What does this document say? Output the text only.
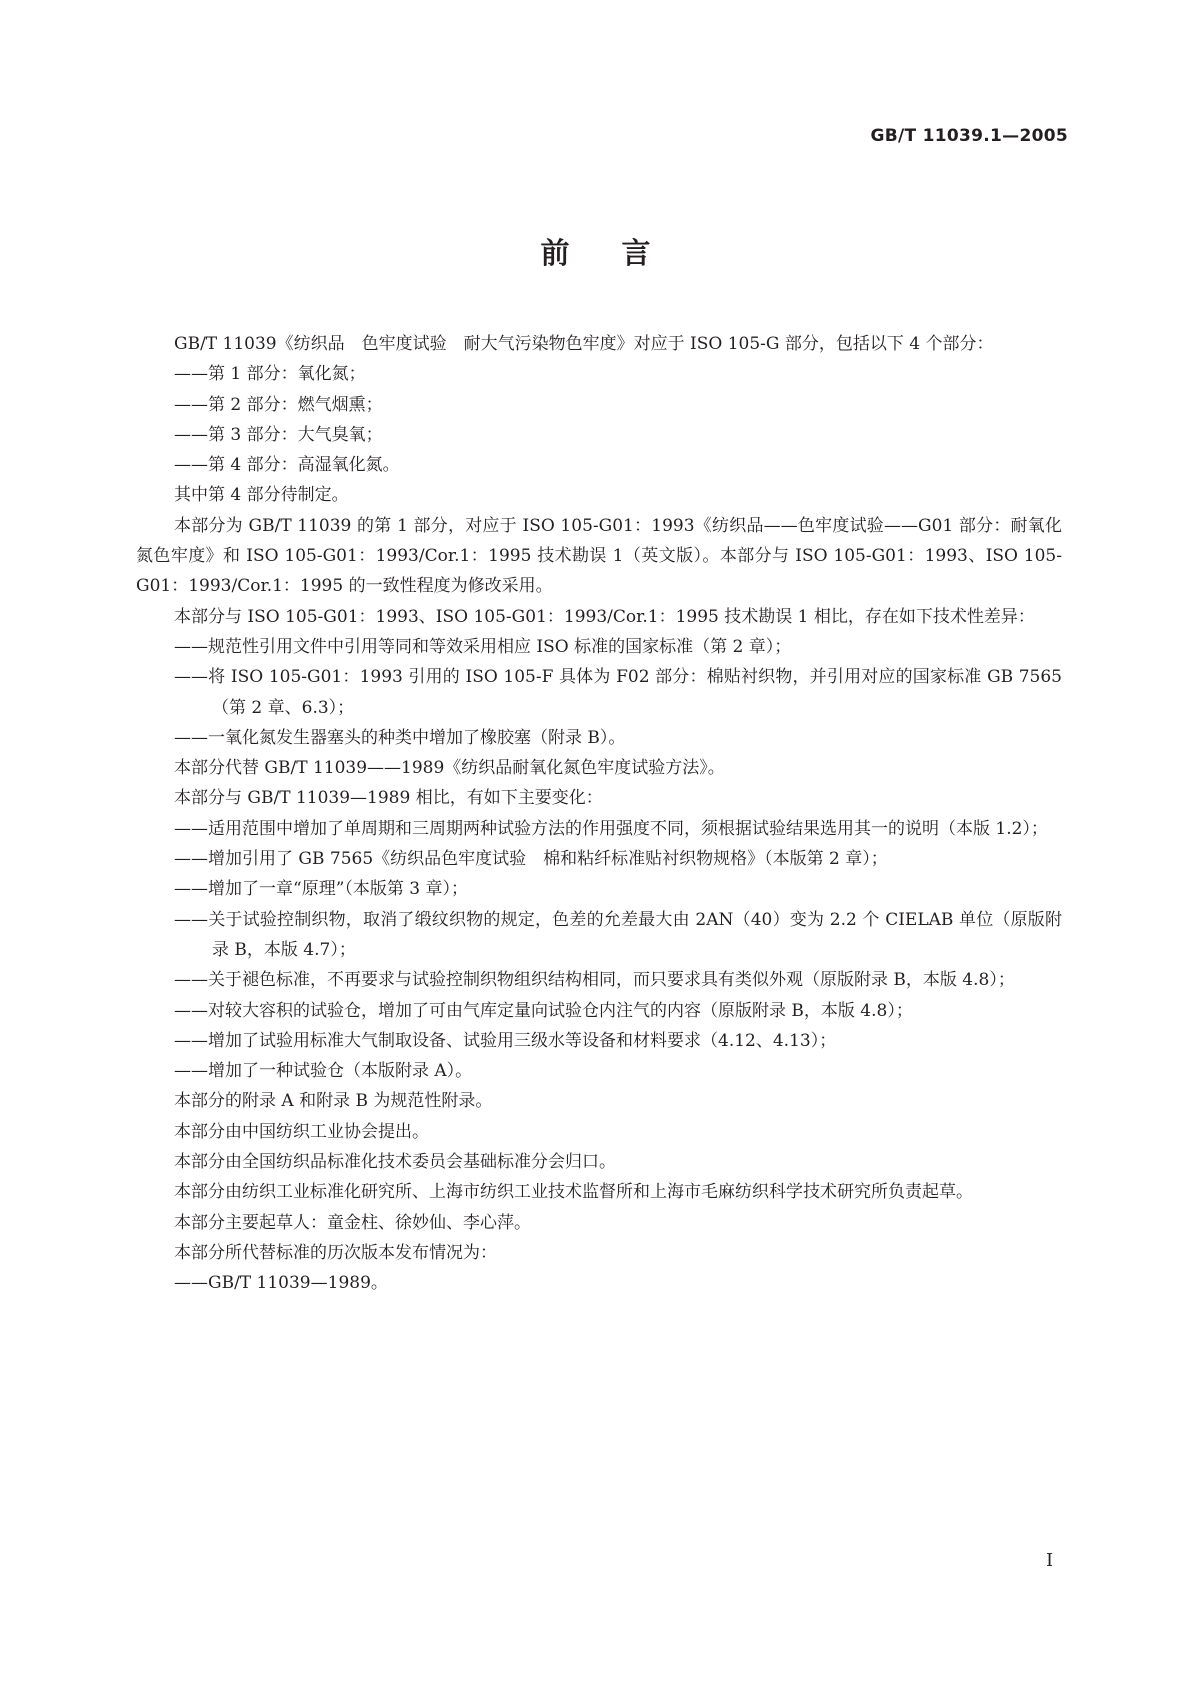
GB/T 11039.1—2005
前言

GB/T 11039《纺织品　色牢度试验　耐大气污染物色牢度》对应于 ISO 105-G 部分，包括以下 4 个部分：

——第 1 部分：氧化氮；

——第 2 部分：燃气烟熏；

——第 3 部分：大气臭氧；

——第 4 部分：高湿氧化氮。

其中第 4 部分待制定。

本部分为 GB/T 11039 的第 1 部分，对应于 ISO 105-G01：1993《纺织品——色牢度试验——G01 部分：耐氧化氮色牢度》和 ISO 105-G01：1993/Cor.1：1995 技术勘误 1（英文版）。本部分与 ISO 105-G01：1993、ISO 105-G01：1993/Cor.1：1995 的一致性程度为修改采用。

本部分与 ISO 105-G01：1993、ISO 105-G01：1993/Cor.1：1995 技术勘误 1 相比，存在如下技术性差异：

——规范性引用文件中引用等同和等效采用相应 ISO 标准的国家标准（第 2 章）；

——将 ISO 105-G01：1993 引用的 ISO 105-F 具体为 F02 部分：棉贴衬织物，并引用对应的国家标准 GB 7565（第 2 章、6.3）；

——一氧化氮发生器塞头的种类中增加了橡胶塞（附录 B）。

本部分代替 GB/T 11039——1989《纺织品耐氧化氮色牢度试验方法》。

本部分与 GB/T 11039—1989 相比，有如下主要变化：

——适用范围中增加了单周期和三周期两种试验方法的作用强度不同，须根据试验结果选用其一的说明（本版 1.2）；

——增加引用了 GB 7565《纺织品色牢度试验　棉和粘纤标准贴衬织物规格》（本版第 2 章）；

——增加了一章“原理”（本版第 3 章）；

——关于试验控制织物，取消了缎纹织物的规定，色差的允差最大由 2AN（40）变为 2.2 个 CIELAB 单位（原版附录 B，本版 4.7）；

——关于褪色标准，不再要求与试验控制织物组织结构相同，而只要求具有类似外观（原版附录 B，本版 4.8）；

——对较大容积的试验仓，增加了可由气库定量向试验仓内注气的内容（原版附录 B，本版 4.8）；

——增加了试验用标准大气制取设备、试验用三级水等设备和材料要求（4.12、4.13）；

——增加了一种试验仓（本版附录 A）。

本部分的附录 A 和附录 B 为规范性附录。

本部分由中国纺织工业协会提出。

本部分由全国纺织品标准化技术委员会基础标准分会归口。

本部分由纺织工业标准化研究所、上海市纺织工业技术监督所和上海市毛麻纺织科学技术研究所负责起草。

本部分主要起草人：童金柱、徐妙仙、李心萍。

本部分所代替标准的历次版本发布情况为：

——GB/T 11039—1989。

I
